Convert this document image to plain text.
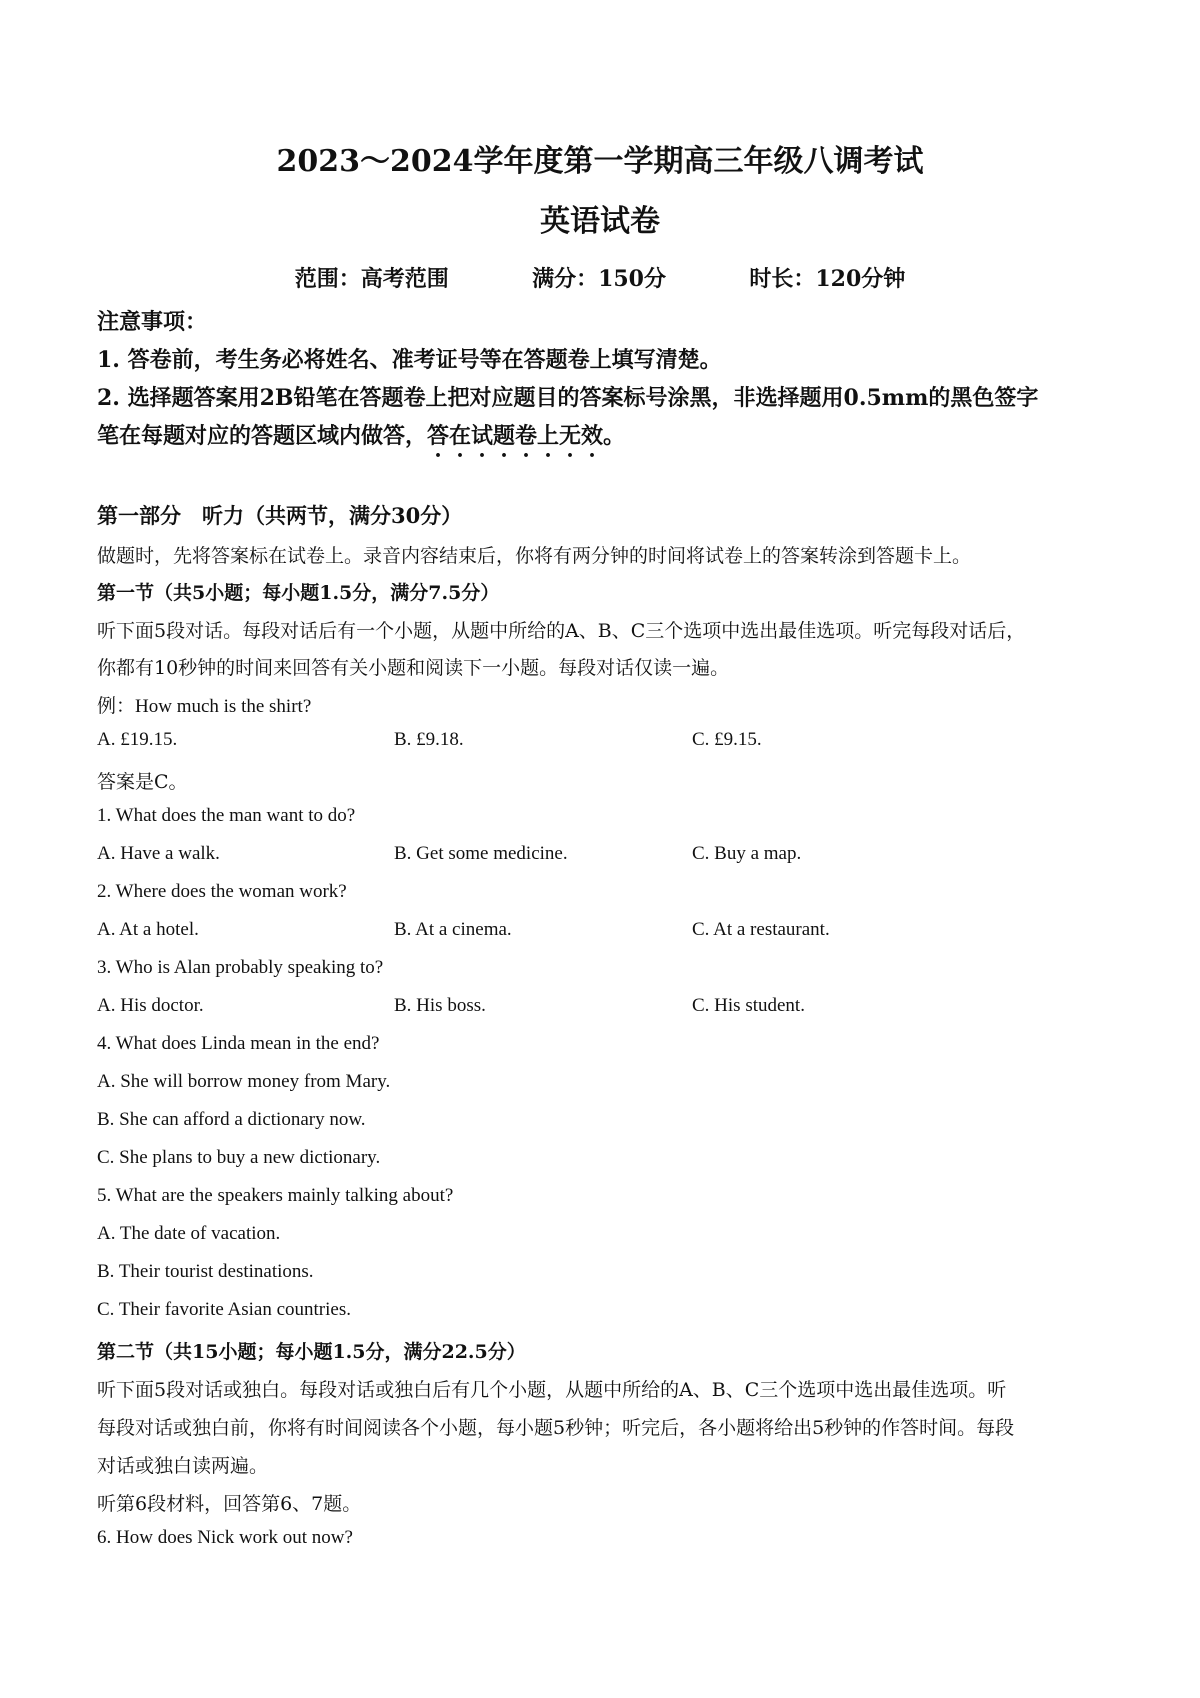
2023～2024学年度第一学期高三年级八调考试
英语试卷
范围：高考范围	满分：150分	时长：120分钟
注意事项：
1. 答卷前，考生务必将姓名、准考证号等在答题卷上填写清楚。
2. 选择题答案用2B铅笔在答题卷上把对应题目的答案标号涂黑，非选择题用0.5mm的黑色签字
笔在每题对应的答题区域内做答，答在试题卷上无效。
第一部分　听力（共两节，满分30分）
做题时，先将答案标在试卷上。录音内容结束后，你将有两分钟的时间将试卷上的答案转涂到答题卡上。
第一节（共5小题；每小题1.5分，满分7.5分）
听下面5段对话。每段对话后有一个小题，从题中所给的A、B、C三个选项中选出最佳选项。听完每段对话后，
你都有10秒钟的时间来回答有关小题和阅读下一小题。每段对话仅读一遍。
例：How much is the shirt?
A. £19.15.	B. £9.18.	C. £9.15.
答案是C。
1. What does the man want to do?
A. Have a walk.	B. Get some medicine.	C. Buy a map.
2. Where does the woman work?
A. At a hotel.	B. At a cinema.	C. At a restaurant.
3. Who is Alan probably speaking to?
A. His doctor.	B. His boss.	C. His student.
4. What does Linda mean in the end?
A. She will borrow money from Mary.
B. She can afford a dictionary now.
C. She plans to buy a new dictionary.
5. What are the speakers mainly talking about?
A. The date of vacation.
B. Their tourist destinations.
C. Their favorite Asian countries.
第二节（共15小题；每小题1.5分，满分22.5分）
听下面5段对话或独白。每段对话或独白后有几个小题，从题中所给的A、B、C三个选项中选出最佳选项。听
每段对话或独白前，你将有时间阅读各个小题，每小题5秒钟；听完后，各小题将给出5秒钟的作答时间。每段
对话或独白读两遍。
听第6段材料，回答第6、7题。
6. How does Nick work out now?
